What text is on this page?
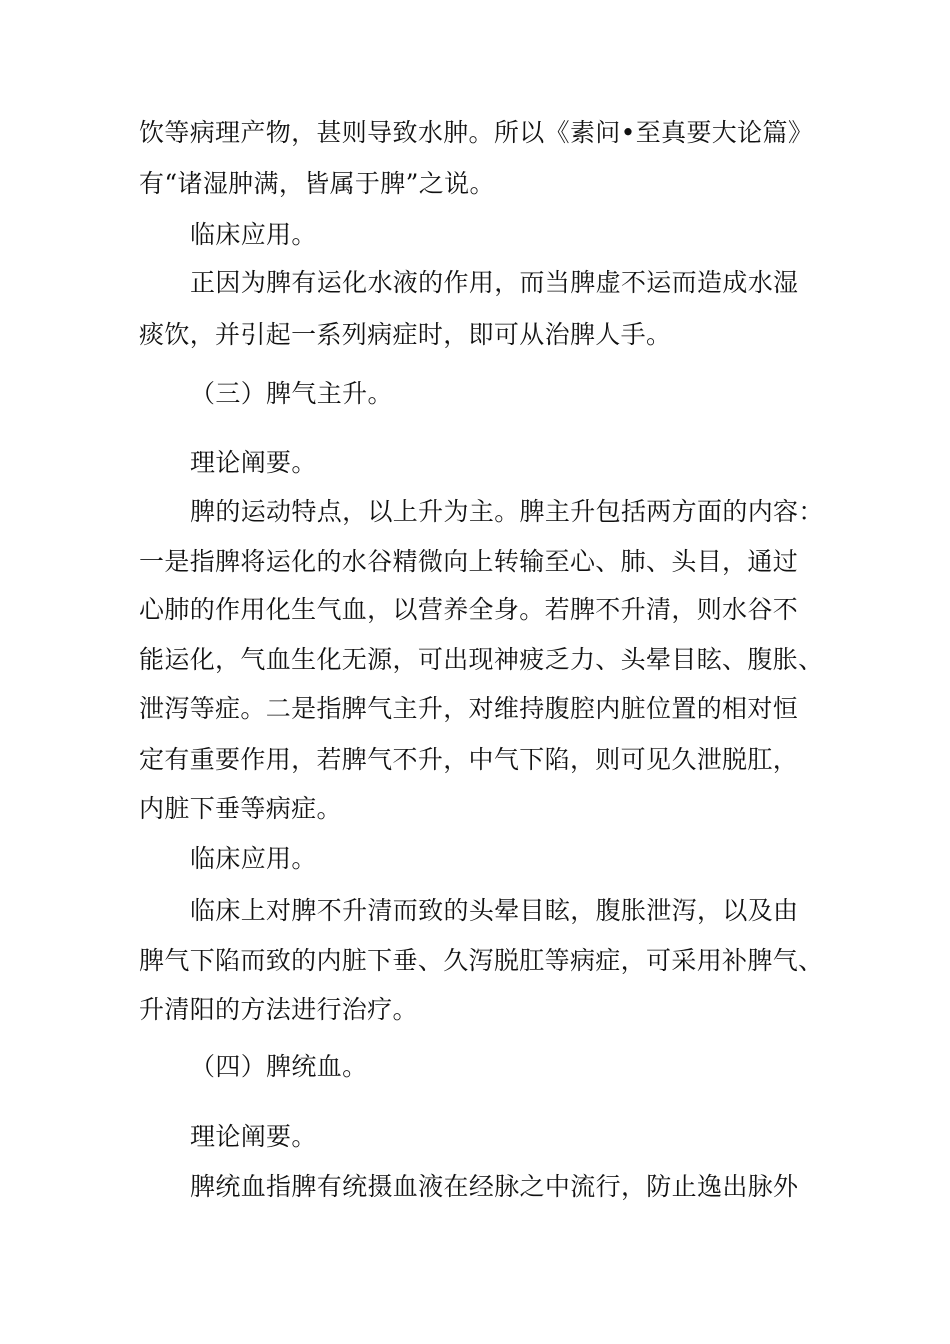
饮等病理产物，甚则导致水肿。所以《素问•至真要大论篇》
有“诸湿肿满，皆属于脾”之说。
临床应用。
正因为脾有运化水液的作用，而当脾虚不运而造成水湿
痰饮，并引起一系列病症时，即可从治脾人手。
（三）脾气主升。
理论阐要。
脾的运动特点，以上升为主。脾主升包括两方面的内容：
一是指脾将运化的水谷精微向上转输至心、肺、头目，通过
心肺的作用化生气血，以营养全身。若脾不升清，则水谷不
能运化，气血生化无源，可出现神疲乏力、头晕目眩、腹胀、
泄泻等症。二是指脾气主升，对维持腹腔内脏位置的相对恒
定有重要作用，若脾气不升，中气下陷，则可见久泄脱肛，
内脏下垂等病症。
临床应用。
临床上对脾不升清而致的头晕目眩，腹胀泄泻，以及由
脾气下陷而致的内脏下垂、久泻脱肛等病症，可采用补脾气、
升清阳的方法进行治疗。
（四）脾统血。
理论阐要。
脾统血指脾有统摄血液在经脉之中流行，防止逸出脉外
